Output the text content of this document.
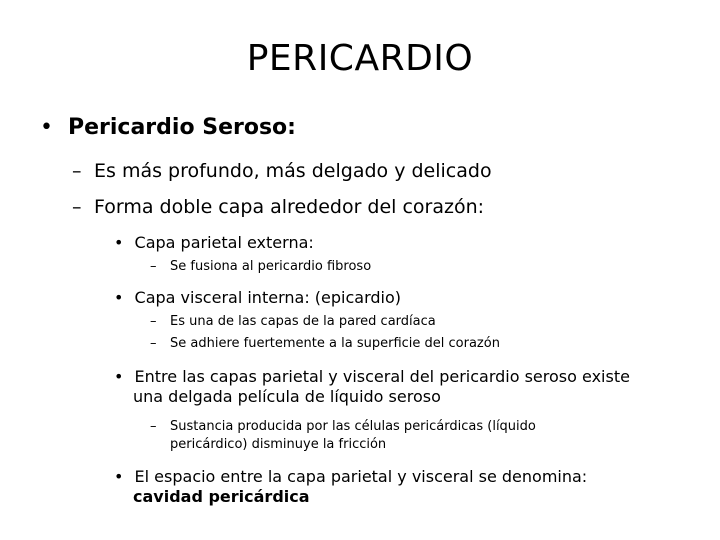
PERICARDIO
• Pericardio Seroso:
– Es más profundo, más delgado y delicado
– Forma doble capa alrededor del corazón:
• Capa parietal externa:
– Se fusiona al pericardio fibroso
• Capa visceral interna: (epicardio)
– Es una de las capas de la pared cardíaca
– Se adhiere fuertemente a la superficie del corazón
• Entre las capas parietal y visceral del pericardio seroso existe
una delgada película de líquido seroso
– Sustancia producida por las células pericárdicas (líquido
pericárdico) disminuye la fricción
• El espacio entre la capa parietal y visceral se denomina:
cavidad pericárdica
